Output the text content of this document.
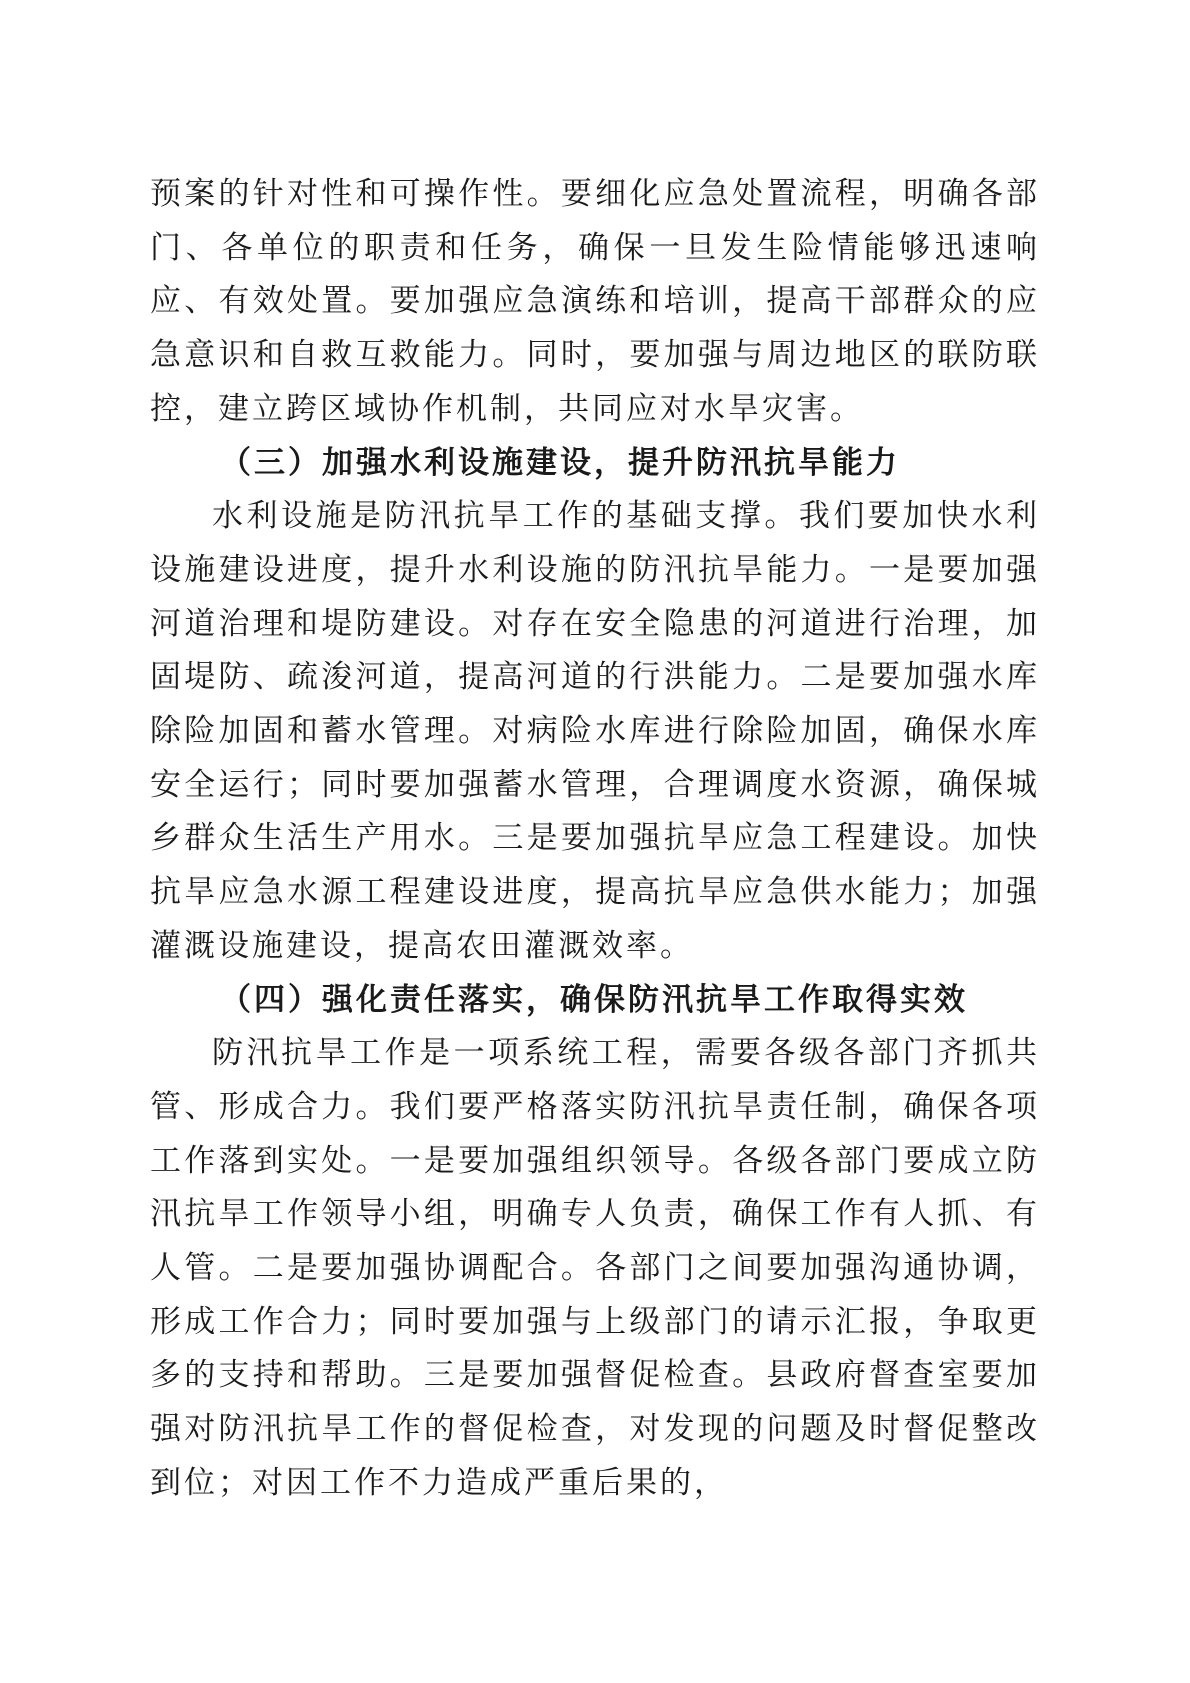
预案的针对性和可操作性。要细化应急处置流程，明确各部门、各单位的职责和任务，确保一旦发生险情能够迅速响应、有效处置。要加强应急演练和培训，提高干部群众的应急意识和自救互救能力。同时，要加强与周边地区的联防联控，建立跨区域协作机制，共同应对水旱灾害。

（三）加强水利设施建设，提升防汛抗旱能力

水利设施是防汛抗旱工作的基础支撑。我们要加快水利设施建设进度，提升水利设施的防汛抗旱能力。一是要加强河道治理和堤防建设。对存在安全隐患的河道进行治理，加固堤防、疏浚河道，提高河道的行洪能力。二是要加强水库除险加固和蓄水管理。对病险水库进行除险加固，确保水库安全运行；同时要加强蓄水管理，合理调度水资源，确保城乡群众生活生产用水。三是要加强抗旱应急工程建设。加快抗旱应急水源工程建设进度，提高抗旱应急供水能力；加强灌溉设施建设，提高农田灌溉效率。

（四）强化责任落实，确保防汛抗旱工作取得实效

防汛抗旱工作是一项系统工程，需要各级各部门齐抓共管、形成合力。我们要严格落实防汛抗旱责任制，确保各项工作落到实处。一是要加强组织领导。各级各部门要成立防汛抗旱工作领导小组，明确专人负责，确保工作有人抓、有人管。二是要加强协调配合。各部门之间要加强沟通协调，形成工作合力；同时要加强与上级部门的请示汇报，争取更多的支持和帮助。三是要加强督促检查。县政府督查室要加强对防汛抗旱工作的督促检查，对发现的问题及时督促整改到位；对因工作不力造成严重后果的，
